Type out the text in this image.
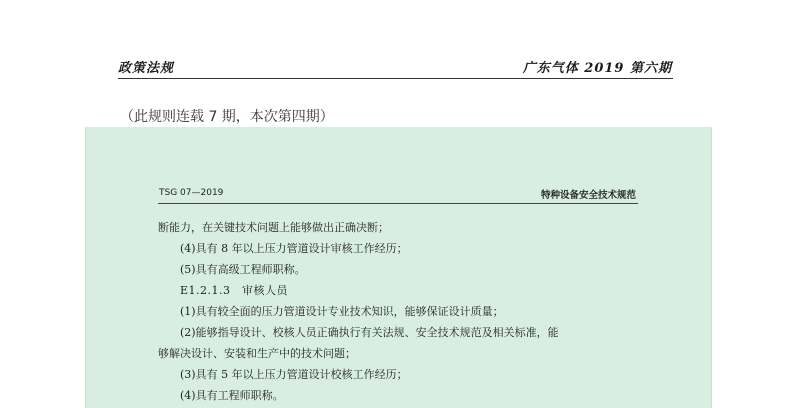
政策法规	广东气体 2019 第六期
（此规则连载 7 期，本次第四期）
TSG 07—2019	特种设备安全技术规范
断能力，在关键技术问题上能够做出正确决断；
(4)具有 8 年以上压力管道设计审核工作经历；
(5)具有高级工程师职称。
E1.2.1.3　审核人员
(1)具有较全面的压力管道设计专业技术知识，能够保证设计质量；
(2)能够指导设计、校核人员正确执行有关法规、安全技术规范及相关标准，能
够解决设计、安装和生产中的技术问题；
(3)具有 5 年以上压力管道设计校核工作经历；
(4)具有工程师职称。
